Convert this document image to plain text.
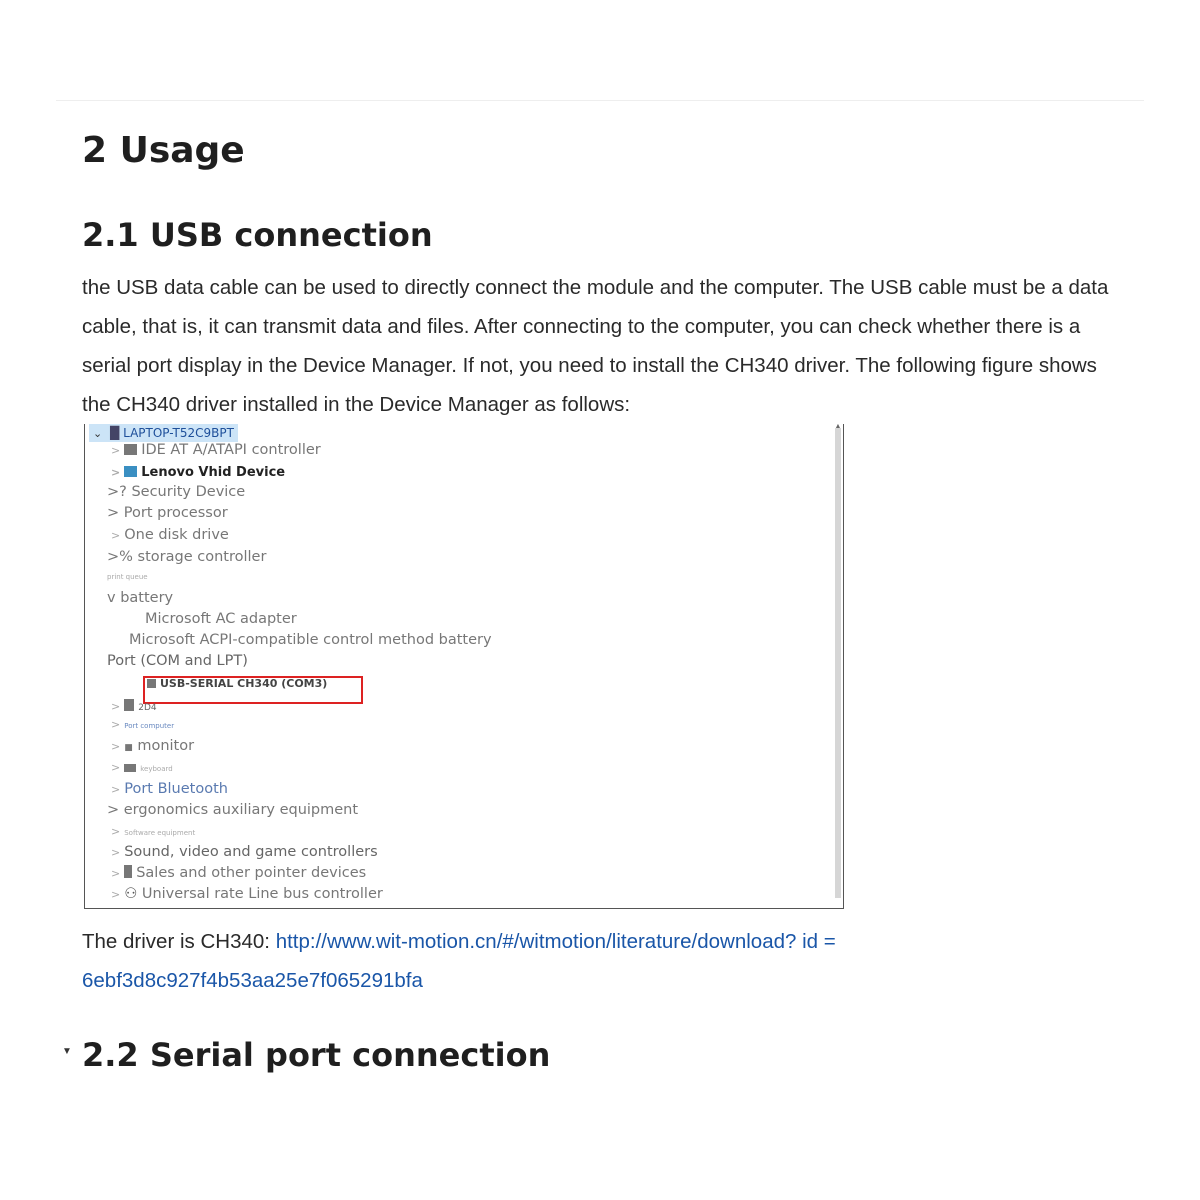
2 Usage
2.1 USB connection

the USB data cable can be used to directly connect the module and the computer. The USB cable must be a data cable, that is, it can transmit data and files. After connecting to the computer, you can check whether there is a serial port display in the Device Manager. If not, you need to install the CH340 driver. The following figure shows the CH340 driver installed in the Device Manager as follows:

⌄ █ LAPTOP-T52C9BPT
> IDE AT A/ATAPI controller
> Lenovo Vhid Device
>? Security Device
> Port processor
> One disk drive
>% storage controller
print queue
v battery
Microsoft AC adapter
Microsoft ACPI-compatible control method battery
Port (COM and LPT)
USB-SERIAL CH340 (COM3)
> 2D4
> Port computer
> ■ monitor
>	keyboard
> Port Bluetooth
> ergonomics auxiliary equipment
> Software equipment
> Sound, video and game controllers
> Sales and other pointer devices
> ⚇ Universal rate Line bus controller
▲

The driver is CH340: http://www.wit-motion.cn/#/witmotion/literature/download? id =
6ebf3d8c927f4b53aa25e7f065291bfa

▼ 2.2 Serial port connection
